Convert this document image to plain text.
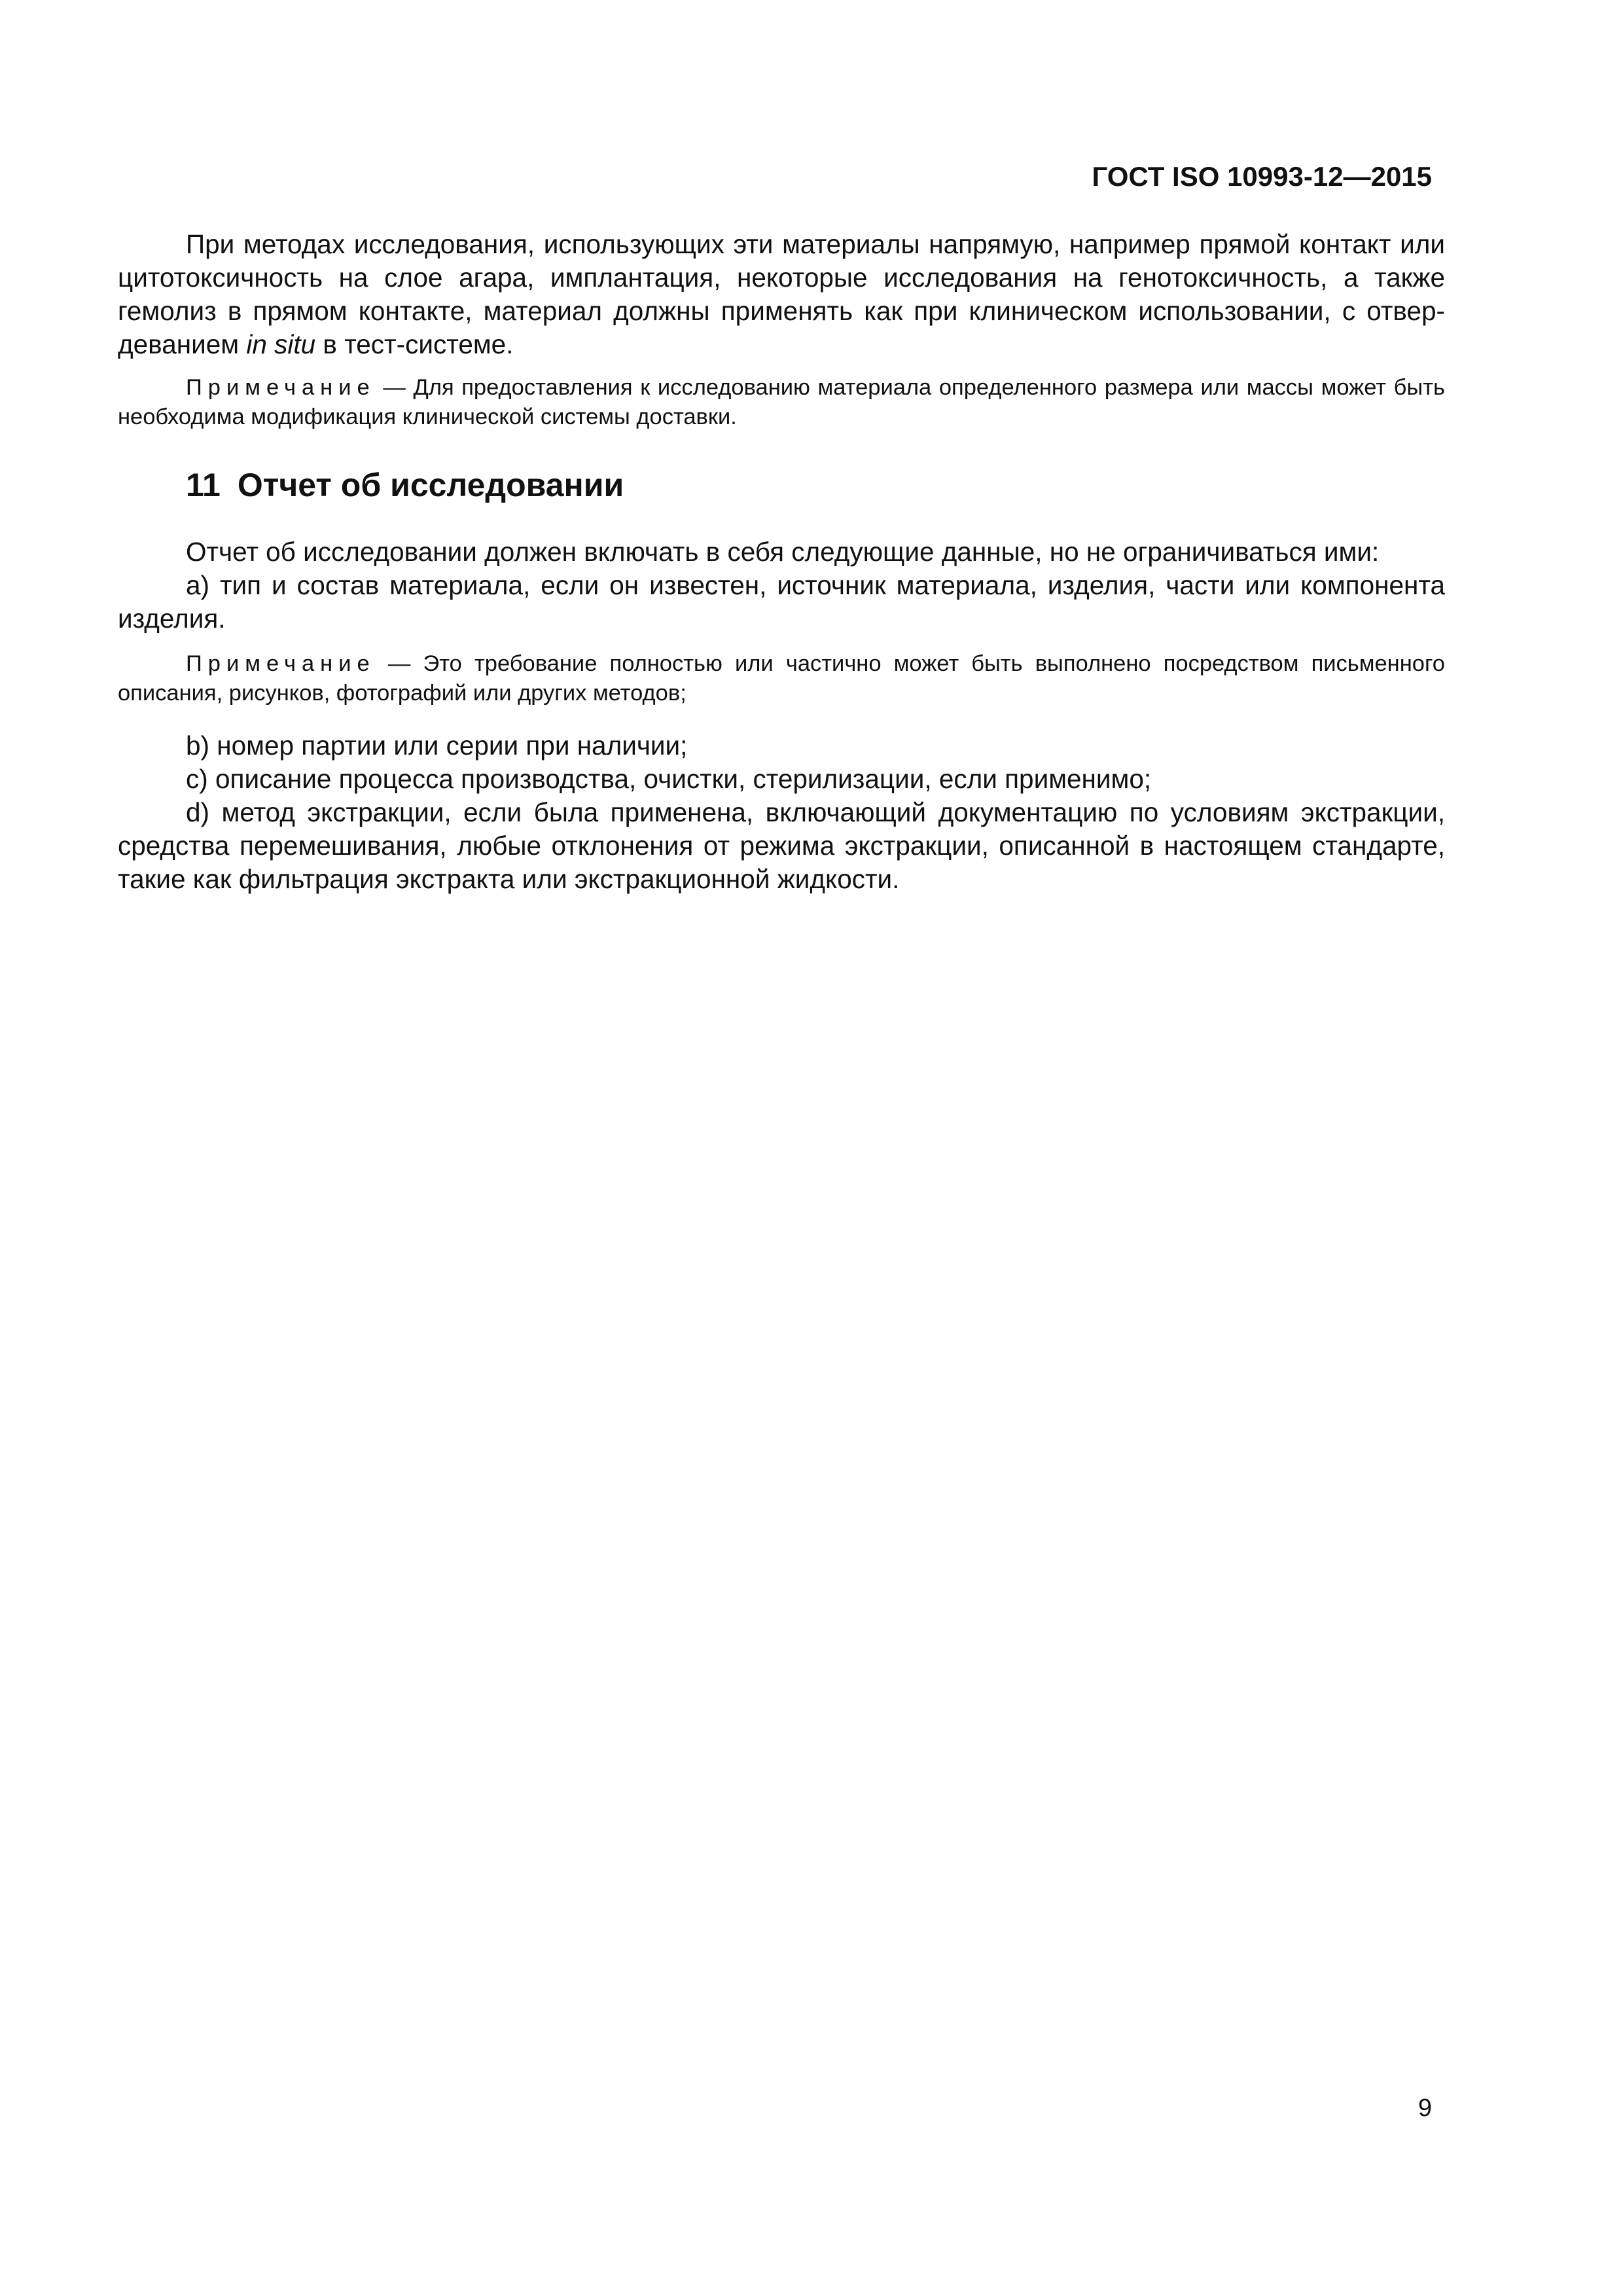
ГОСТ ISO 10993-12—2015

При методах исследования, использующих эти материалы напрямую, например прямой контакт или цитотоксичность на слое агара, имплантация, некоторые исследования на генотоксичность, а также гемолиз в прямом контакте, материал должны применять как при клиническом использовании, с отвердеванием in situ в тест-системе.

Примечание — Для предоставления к исследованию материала определенного размера или массы может быть необходима модификация клинической системы доставки.

11 Отчет об исследовании

Отчет об исследовании должен включать в себя следующие данные, но не ограничиваться ими:

a) тип и состав материала, если он известен, источник материала, изделия, части или компонента изделия.

Примечание — Это требование полностью или частично может быть выполнено посредством письменного описания, рисунков, фотографий или других методов;

b) номер партии или серии при наличии;

c) описание процесса производства, очистки, стерилизации, если применимо;

d) метод экстракции, если была применена, включающий документацию по условиям экстракции, средства перемешивания, любые отклонения от режима экстракции, описанной в настоящем стандарте, такие как фильтрация экстракта или экстракционной жидкости.

9
